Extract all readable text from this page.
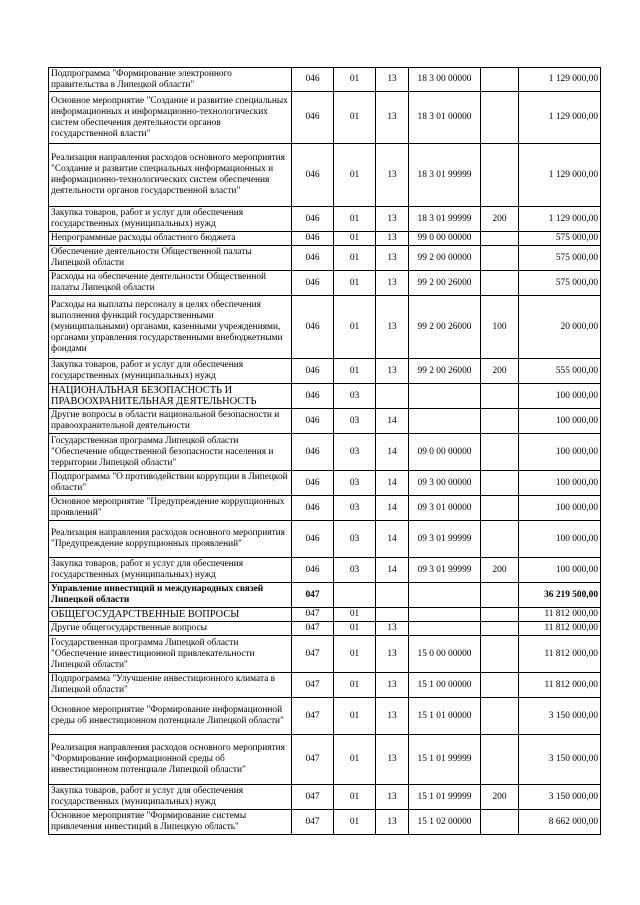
Подпрограмма "Формирование электронного правительства в Липецкой области"	046	01	13	18 3 00 00000		1 129 000,00
Основное мероприятие "Создание и развитие специальных информационных и информационно-технологических систем обеспечения деятельности органов государственной власти"	046	01	13	18 3 01 00000		1 129 000,00
Реализация направления расходов основного мероприятия "Создание и развитие специальных информационных и информационно-технологических систем обеспечения деятельности органов государственной власти"	046	01	13	18 3 01 99999		1 129 000,00
Закупка товаров, работ и услуг для обеспечения государственных (муниципальных) нужд	046	01	13	18 3 01 99999	200	1 129 000,00
Непрограммные расходы областного бюджета	046	01	13	99 0 00 00000		575 000,00
Обеспечение деятельности Общественной палаты Липецкой области	046	01	13	99 2 00 00000		575 000,00
Расходы на обеспечение деятельности Общественной палаты Липецкой области	046	01	13	99 2 00 26000		575 000,00
Расходы на выплаты персоналу в целях обеспечения выполнения функций государственными (муниципальными) органами, казенными учреждениями, органами управления государственными внебюджетными фондами	046	01	13	99 2 00 26000	100	20 000,00
Закупка товаров, работ и услуг для обеспечения государственных (муниципальных) нужд	046	01	13	99 2 00 26000	200	555 000,00
НАЦИОНАЛЬНАЯ БЕЗОПАСНОСТЬ И ПРАВООХРАНИТЕЛЬНАЯ ДЕЯТЕЛЬНОСТЬ	046	03				100 000,00
Другие вопросы в области национальной безопасности и правоохранительной деятельности	046	03	14			100 000,00
Государственная программа Липецкой области "Обеспечение общественной безопасности населения и территории Липецкой области"	046	03	14	09 0 00 00000		100 000,00
Подпрограмма "О противодействии коррупции в Липецкой области"	046	03	14	09 3 00 00000		100 000,00
Основное мероприятие "Предупреждение коррупционных проявлений"	046	03	14	09 3 01 00000		100 000,00
Реализация направления расходов основного мероприятия "Предупреждение коррупционных проявлений"	046	03	14	09 3 01 99999		100 000,00
Закупка товаров, работ и услуг для обеспечения государственных (муниципальных) нужд	046	03	14	09 3 01 99999	200	100 000,00
Управление инвестиций и международных связей Липецкой области	047					36 219 500,00
ОБЩЕГОСУДАРСТВЕННЫЕ ВОПРОСЫ	047	01				11 812 000,00
Другие общегосударственные вопросы	047	01	13			11 812 000,00
Государственная программа Липецкой области "Обеспечение инвестиционной привлекательности Липецкой области"	047	01	13	15 0 00 00000		11 812 000,00
Подпрограмма "Улучшение инвестиционного климата в Липецкой области"	047	01	13	15 1 00 00000		11 812 000,00
Основное мероприятие "Формирование информационной среды об инвестиционном потенциале Липецкой области"	047	01	13	15 1 01 00000		3 150 000,00
Реализация направления расходов основного мероприятия "Формирование информационной среды об инвестиционном потенциале Липецкой области"	047	01	13	15 1 01 99999		3 150 000,00
Закупка товаров, работ и услуг для обеспечения государственных (муниципальных) нужд	047	01	13	15 1 01 99999	200	3 150 000,00
Основное мероприятие "Формирование системы привлечения инвестиций в Липецкую область"	047	01	13	15 1 02 00000		8 662 000,00
